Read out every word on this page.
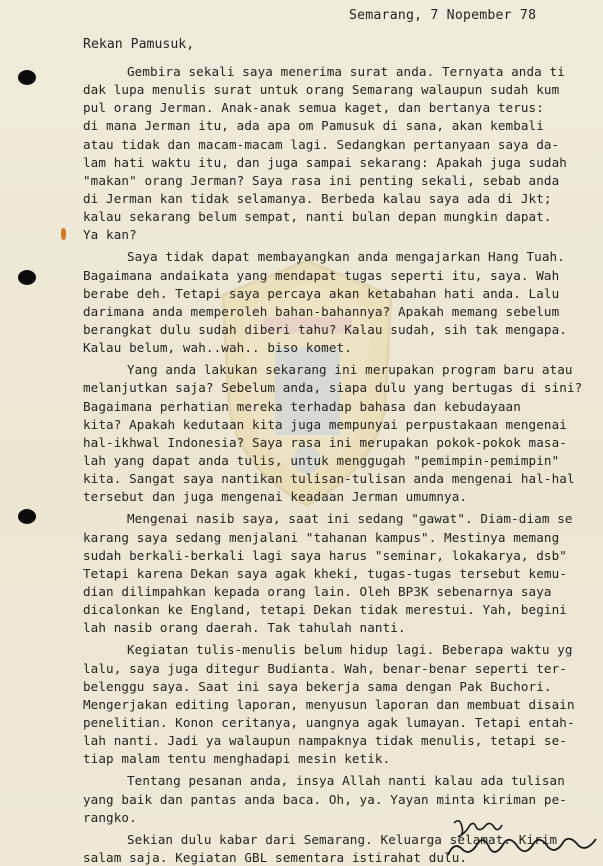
Semarang, 7 Nopember 78
Rekan Pamusuk,
Gembira sekali saya menerima surat anda. Ternyata anda ti
dak lupa menulis surat untuk orang Semarang walaupun sudah kum
pul orang Jerman. Anak-anak semua kaget, dan bertanya terus:
di mana Jerman itu, ada apa om Pamusuk di sana, akan kembali
atau tidak dan macam-macam lagi. Sedangkan pertanyaan saya da-
lam hati waktu itu, dan juga sampai sekarang: Apakah juga sudah
"makan" orang Jerman? Saya rasa ini penting sekali, sebab anda
di Jerman kan tidak selamanya. Berbeda kalau saya ada di Jkt;
kalau sekarang belum sempat, nanti bulan depan mungkin dapat.
Ya kan?
Saya tidak dapat membayangkan anda mengajarkan Hang Tuah.
Bagaimana andaikata yang mendapat tugas seperti itu, saya. Wah
berabe deh. Tetapi saya percaya akan ketabahan hati anda. Lalu
darimana anda memperoleh bahan-bahannya? Apakah memang sebelum
berangkat dulu sudah diberi tahu? Kalau sudah, sih tak mengapa.
Kalau belum, wah..wah.. biso komet.
Yang anda lakukan sekarang ini merupakan program baru atau
melanjutkan saja? Sebelum anda, siapa dulu yang bertugas di sini?
Bagaimana perhatian mereka terhadap bahasa dan kebudayaan
kita? Apakah kedutaan kita juga mempunyai perpustakaan mengenai
hal-ikhwal Indonesia? Saya rasa ini merupakan pokok-pokok masa-
lah yang dapat anda tulis, untuk menggugah "pemimpin-pemimpin"
kita. Sangat saya nantikan tulisan-tulisan anda mengenai hal-hal
tersebut dan juga mengenai keadaan Jerman umumnya.
Mengenai nasib saya, saat ini sedang "gawat". Diam-diam se
karang saya sedang menjalani "tahanan kampus". Mestinya memang
sudah berkali-berkali lagi saya harus "seminar, lokakarya, dsb"
Tetapi karena Dekan saya agak kheki, tugas-tugas tersebut kemu-
dian dilimpahkan kepada orang lain. Oleh BP3K sebenarnya saya
dicalonkan ke England, tetapi Dekan tidak merestui. Yah, begini
lah nasib orang daerah. Tak tahulah nanti.
Kegiatan tulis-menulis belum hidup lagi. Beberapa waktu yg
lalu, saya juga ditegur Budianta. Wah, benar-benar seperti ter-
belenggu saya. Saat ini saya bekerja sama dengan Pak Buchori.
Mengerjakan editing laporan, menyusun laporan dan membuat disain
penelitian. Konon ceritanya, uangnya agak lumayan. Tetapi entah-
lah nanti. Jadi ya walaupun nampaknya tidak menulis, tetapi se-
tiap malam tentu menghadapi mesin ketik.
Tentang pesanan anda, insya Allah nanti kalau ada tulisan
yang baik dan pantas anda baca. Oh, ya. Yayan minta kiriman pe-
rangko.
Sekian dulu kabar dari Semarang. Keluarga selamat. Kirim
salam saja. Kegiatan GBL sementara istirahat dulu.
